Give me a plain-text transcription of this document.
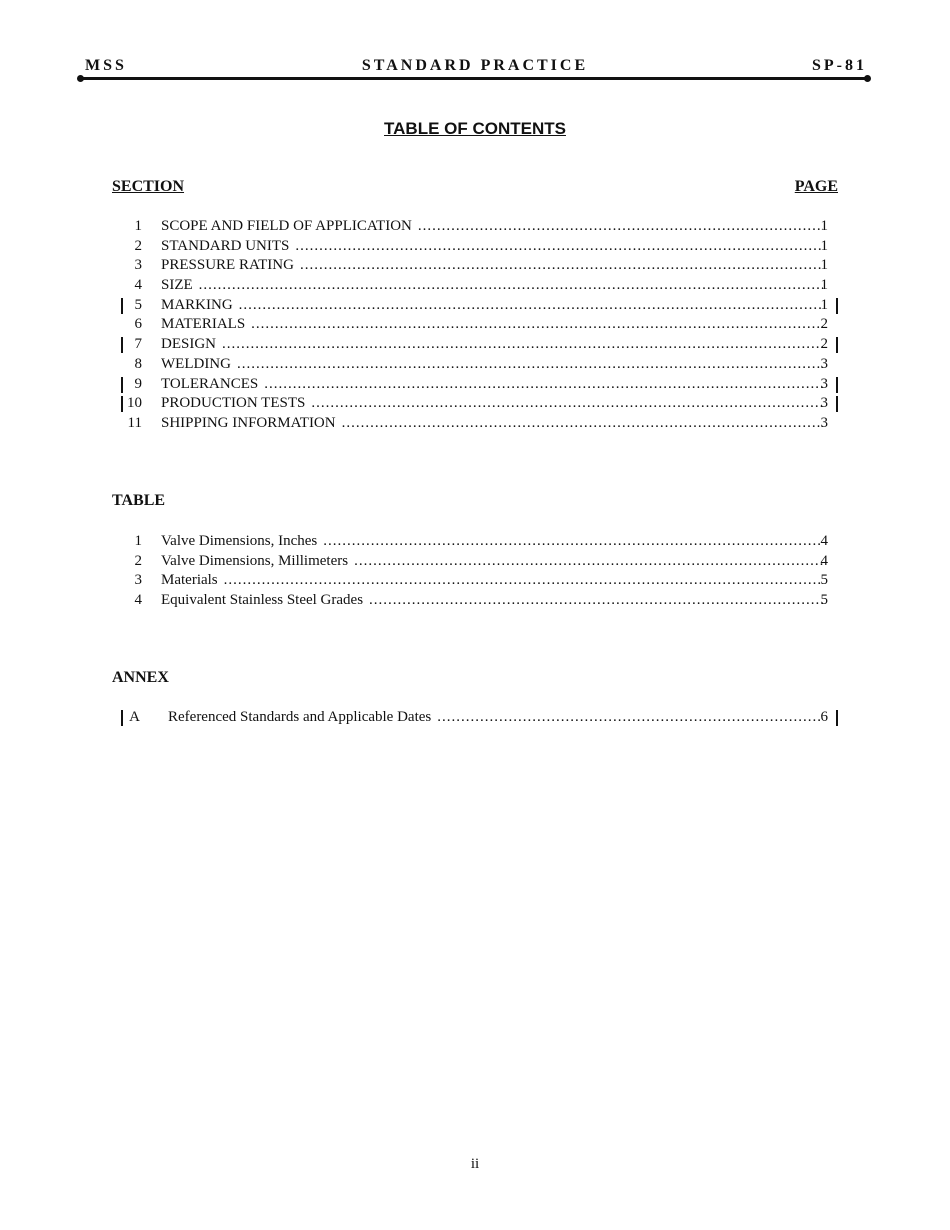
MSS	STANDARD PRACTICE	SP-81
TABLE OF CONTENTS
SECTION	PAGE
1 SCOPE AND FIELD OF APPLICATION .....	1
2 STANDARD UNITS .....	1
3 PRESSURE RATING .....	1
4 SIZE .....	1
5 MARKING .....	1
6 MATERIALS .....	2
7 DESIGN .....	2
8 WELDING .....	3
9 TOLERANCES .....	3
10 PRODUCTION TESTS .....	3
11 SHIPPING INFORMATION .....	3
TABLE
1 Valve Dimensions, Inches .....	4
2 Valve Dimensions, Millimeters .....	4
3 Materials .....	5
4 Equivalent Stainless Steel Grades .....	5
ANNEX
A Referenced Standards and Applicable Dates .....	6
ii
